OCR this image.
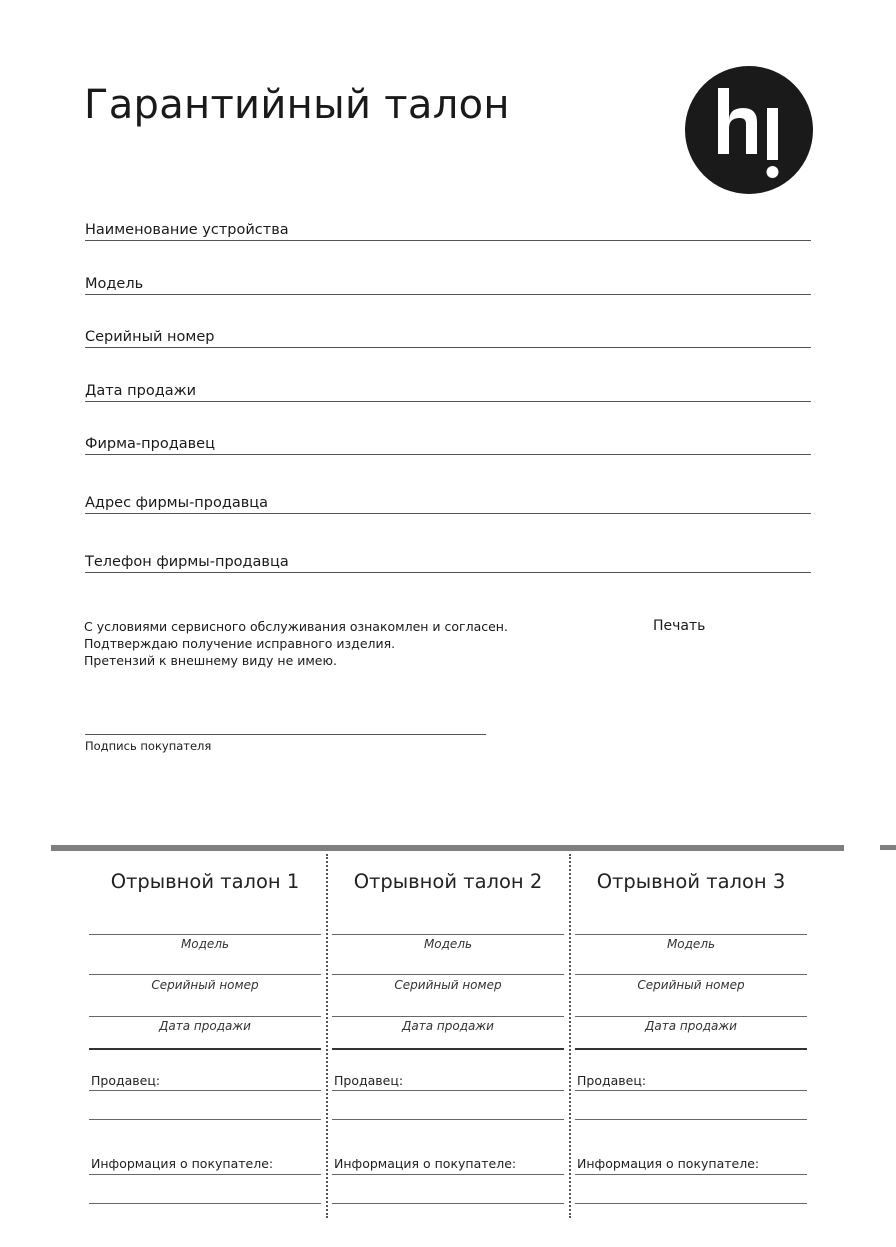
Гарантийный талон
Наименование устройства
Модель
Серийный номер
Дата продажи
Фирма-продавец
Адрес фирмы-продавца
Телефон фирмы-продавца
С условиями сервисного обслуживания ознакомлен и согласен.
Подтверждаю получение исправного изделия.
Претензий к внешнему виду не имею.
Печать
Подпись покупателя
Отрывной талон 1
Модель
Серийный номер
Дата продажи
Продавец:
Информация о покупателе:
Отрывной талон 2
Модель
Серийный номер
Дата продажи
Продавец:
Информация о покупателе:
Отрывной талон 3
Модель
Серийный номер
Дата продажи
Продавец:
Информация о покупателе:
